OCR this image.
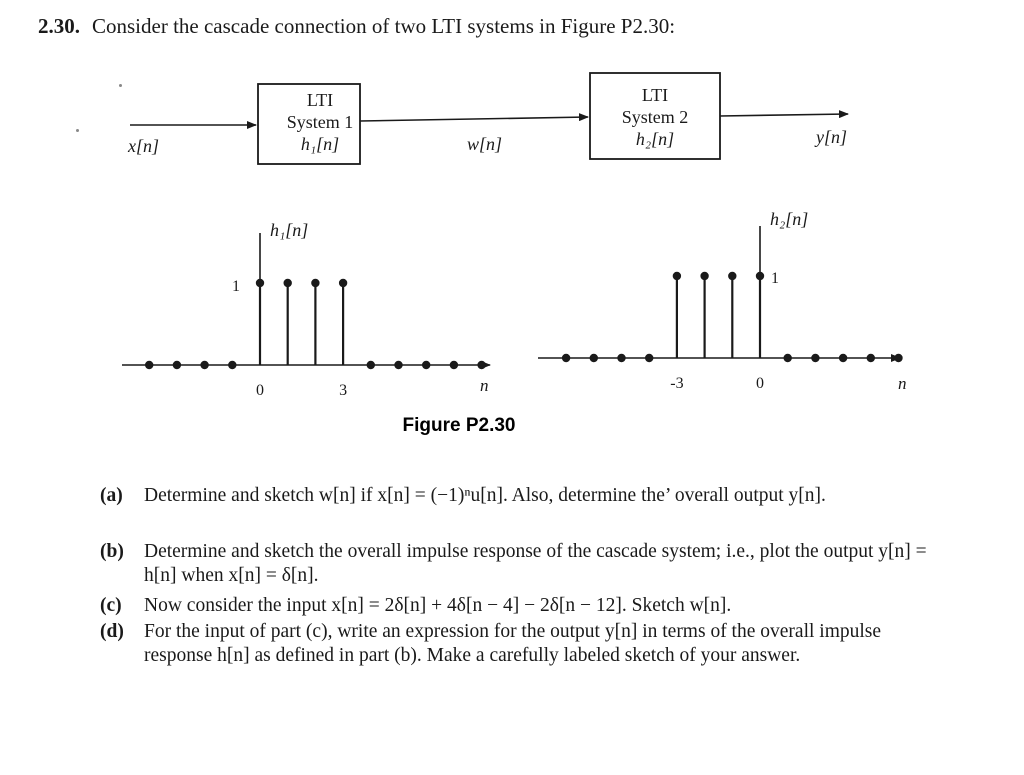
2.30. Consider the cascade connection of two LTI systems in Figure P2.30:
x[n]	w[n]	y[n]
LTI
System 1
h₁[n]
LTI
System 2
h₂[n]
h₁[n]
1
n
0	3
h₂[n]
1
n
-3	0
Figure P2.30
(a) Determine and sketch w[n] if x[n] = (−1)ⁿu[n]. Also, determine the’ overall output y[n].
(b) Determine and sketch the overall impulse response of the cascade system; i.e., plot the output y[n] = h[n] when x[n] = δ[n].
(c) Now consider the input x[n] = 2δ[n] + 4δ[n − 4] − 2δ[n − 12]. Sketch w[n].
(d) For the input of part (c), write an expression for the output y[n] in terms of the overall impulse response h[n] as defined in part (b). Make a carefully labeled sketch of your answer.
